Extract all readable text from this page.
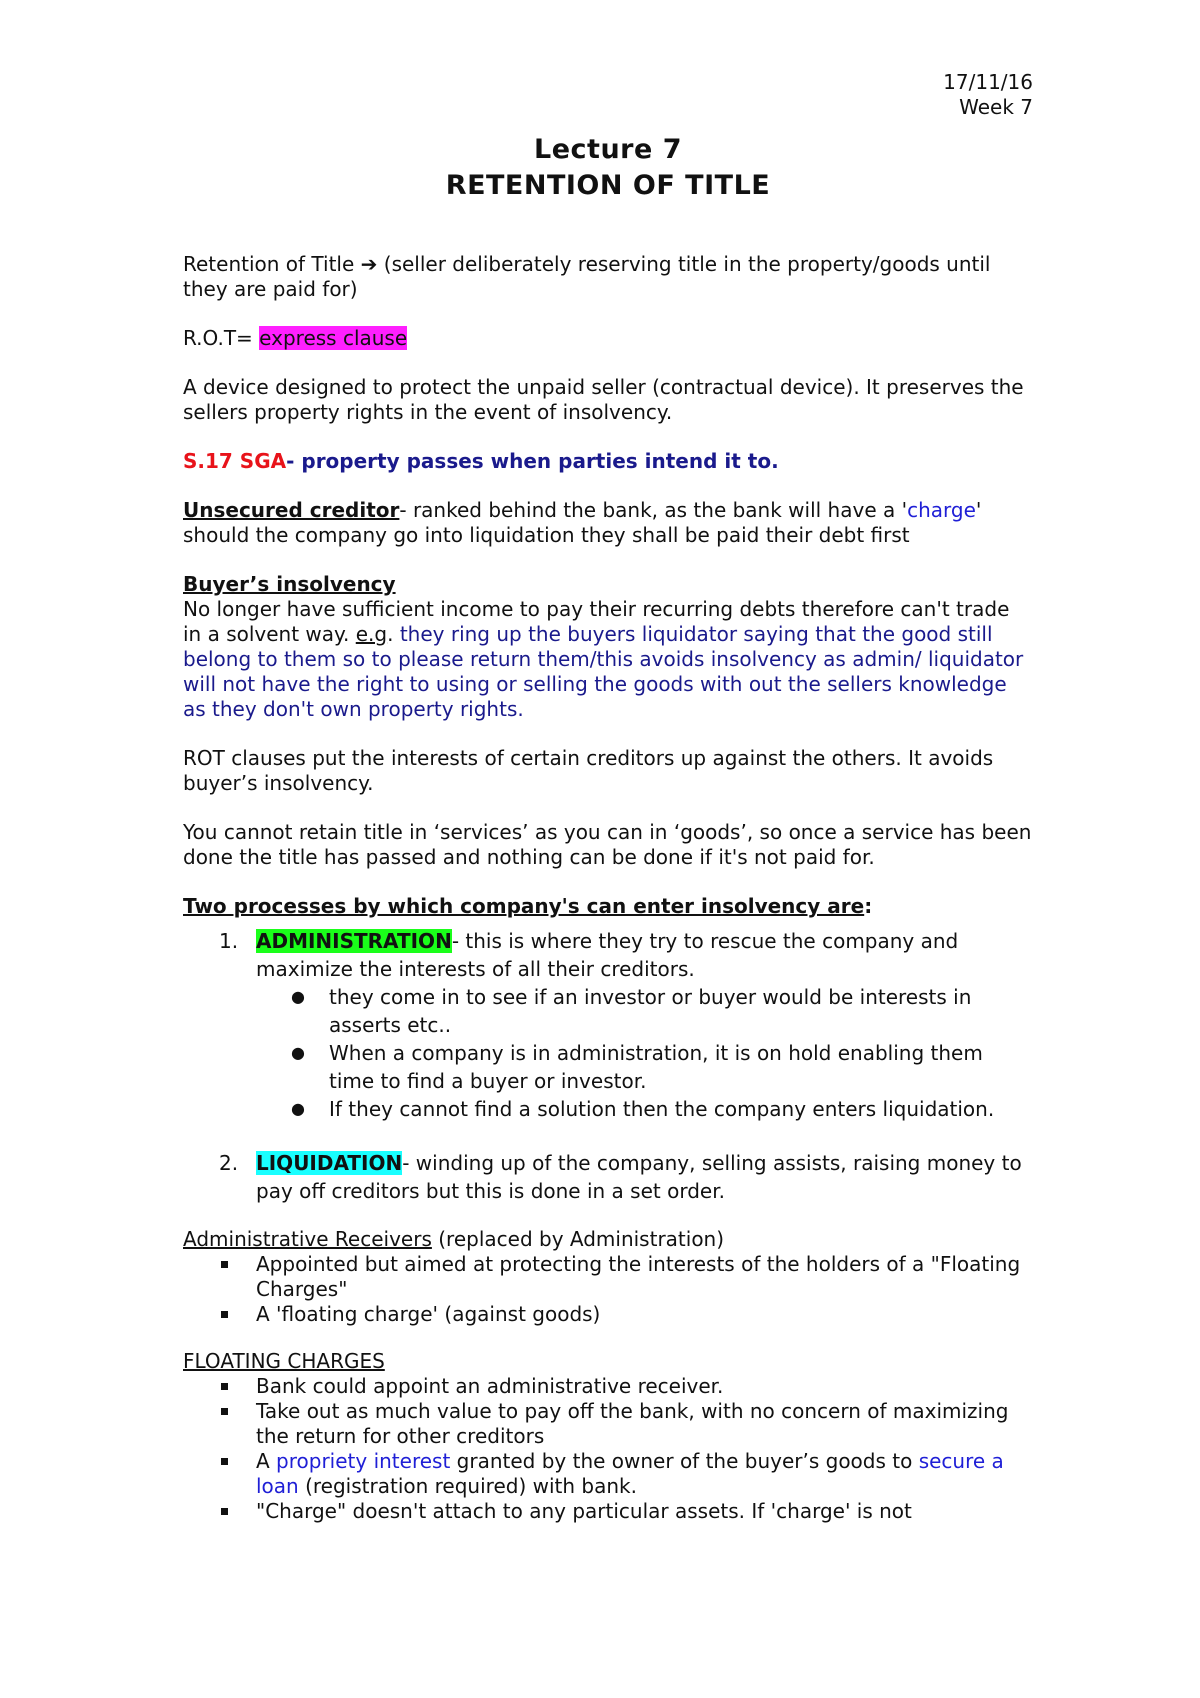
17/11/16
Week 7
Lecture 7
RETENTION OF TITLE

Retention of Title ➔ (seller deliberately reserving title in the property/goods until they are paid for)

R.O.T= express clause

A device designed to protect the unpaid seller (contractual device). It preserves the sellers property rights in the event of insolvency.

S.17 SGA- property passes when parties intend it to.

Unsecured creditor- ranked behind the bank, as the bank will have a 'charge' should the company go into liquidation they shall be paid their debt first

Buyer’s insolvency
No longer have sufficient income to pay their recurring debts therefore can't trade in a solvent way. e.g. they ring up the buyers liquidator saying that the good still belong to them so to please return them/this avoids insolvency as admin/ liquidator will not have the right to using or selling the goods with out the sellers knowledge as they don't own property rights.

ROT clauses put the interests of certain creditors up against the others. It avoids buyer’s insolvency.

You cannot retain title in ‘services’ as you can in ‘goods’, so once a service has been done the title has passed and nothing can be done if it's not paid for.

Two processes by which company's can enter insolvency are:
1. ADMINISTRATION- this is where they try to rescue the company and maximize the interests of all their creditors.
●	they come in to see if an investor or buyer would be interests in asserts etc..
●	When a company is in administration, it is on hold enabling them time to find a buyer or investor.
●	If they cannot find a solution then the company enters liquidation.
2. LIQUIDATION- winding up of the company, selling assists, raising money to pay off creditors but this is done in a set order.
Administrative Receivers (replaced by Administration)
Appointed but aimed at protecting the interests of the holders of a "Floating Charges"
A 'floating charge' (against goods)
FLOATING CHARGES
Bank could appoint an administrative receiver.
Take out as much value to pay off the bank, with no concern of maximizing the return for other creditors
A propriety interest granted by the owner of the buyer’s goods to secure a loan (registration required) with bank.
"Charge" doesn't attach to any particular assets. If 'charge' is not
